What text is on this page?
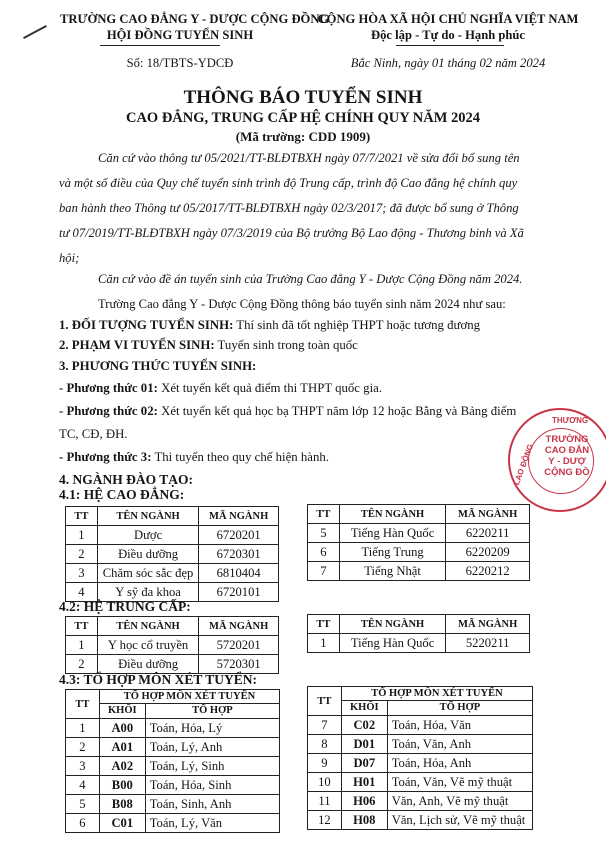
TRƯỜNG CAO ĐẲNG Y - DƯỢC CỘNG ĐỒNG
HỘI ĐỒNG TUYỂN SINH
Số: 18/TBTS-YDCĐ
CỘNG HÒA XÃ HỘI CHỦ NGHĨA VIỆT NAM
Độc lập - Tự do - Hạnh phúc
Bắc Ninh, ngày 01 tháng 02 năm 2024
THÔNG BÁO TUYỂN SINH
CAO ĐẲNG, TRUNG CẤP HỆ CHÍNH QUY NĂM 2024
(Mã trường: CDD 1909)
Căn cứ vào thông tư 05/2021/TT-BLĐTBXH ngày 07/7/2021 về sửa đổi bổ sung tên
và một số điều của Quy chế tuyển sinh trình độ Trung cấp, trình độ Cao đẳng hệ chính quy
ban hành theo Thông tư 05/2017/TT-BLĐTBXH ngày 02/3/2017; đã được bổ sung ở Thông
tư 07/2019/TT-BLĐTBXH ngày 07/3/2019 của Bộ trưởng Bộ Lao động - Thương binh và Xã
hội;
Căn cứ vào đề án tuyển sinh của Trường Cao đẳng Y - Dược Cộng Đồng năm 2024.
Trường Cao đẳng Y - Dược Cộng Đồng thông báo tuyển sinh năm 2024 như sau:
1. ĐỐI TƯỢNG TUYỂN SINH: Thí sinh đã tốt nghiệp THPT hoặc tương đương
2. PHẠM VI TUYỂN SINH: Tuyển sinh trong toàn quốc
3. PHƯƠNG THỨC TUYỂN SINH:
- Phương thức 01: Xét tuyển kết quả điểm thi THPT quốc gia.
- Phương thức 02: Xét tuyển kết quả học bạ THPT năm lớp 12 hoặc Bằng và Bảng điểm
TC, CĐ, ĐH.
- Phương thức 3: Thi tuyển theo quy chế hiện hành.
4. NGÀNH ĐÀO TẠO:
4.1: HỆ CAO ĐẲNG:
THƯƠNG
LAO ĐỘNG
TRƯỜNG
CAO ĐẲN
Y - DƯỢ
CỘNG ĐỒ
TT	TÊN NGÀNH	MÃ NGÀNH
1	Dược	6720201
2	Điều dưỡng	6720301
3	Chăm sóc sắc đẹp	6810404
4	Y sỹ đa khoa	6720101
TT	TÊN NGÀNH	MÃ NGÀNH
5	Tiếng Hàn Quốc	6220211
6	Tiếng Trung	6220209
7	Tiếng Nhật	6220212
4.2: HỆ TRUNG CẤP:
TT	TÊN NGÀNH	MÃ NGÀNH
1	Y học cổ truyền	5720201
2	Điều dưỡng	5720301
TT	TÊN NGÀNH	MÃ NGÀNH
1	Tiếng Hàn Quốc	5220211
4.3: TỔ HỢP MÔN XÉT TUYỂN:
TT	TỔ HỢP MÔN XÉT TUYỂN	
	KHỐI	TỔ HỢP
1	A00	Toán, Hóa, Lý
2	A01	Toán, Lý, Anh
3	A02	Toán, Lý, Sinh
4	B00	Toán, Hóa, Sinh
5	B08	Toán, Sinh, Anh
6	C01	Toán, Lý, Văn
TT	TỔ HỢP MÔN XÉT TUYỂN	
	KHỐI	TỔ HỢP
7	C02	Toán, Hóa, Văn
8	D01	Toán, Văn, Anh
9	D07	Toán, Hóa, Anh
10	H01	Toán, Văn, Vẽ mỹ thuật
11	H06	Văn, Anh, Vẽ mỹ thuật
12	H08	Văn, Lịch sử, Vẽ mỹ thuật
